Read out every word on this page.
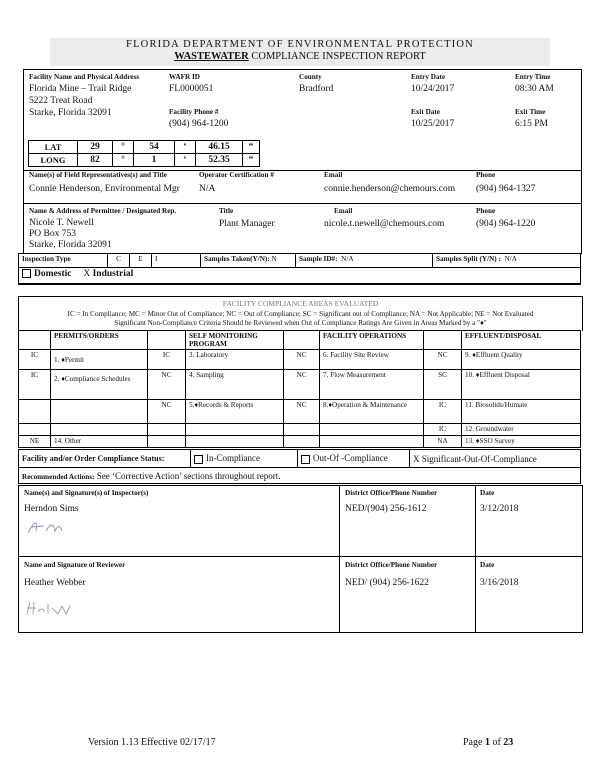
FLORIDA DEPARTMENT OF ENVIRONMENTAL PROTECTION
WASTEWATER COMPLIANCE INSPECTION REPORT
Facility Name and Physical Address
Florida Mine – Trail Ridge
5222 Treat Road
Starke, Florida 32091
WAFR ID
FL0000051
Facility Phone #
(904) 964-1200
County
Bradford
Entry Date
10/24/2017
Exit Date
10/25/2017
Entry Time
08:30 AM
Exit Time
6:15 PM
LAT	29	°	54	‘	46.15	“
LONG	82	°	1	‘	52.35	“
Name(s) of Field Representatives(s) and Title
Connie Henderson, Environmental Mgr
Operator Certification #
N/A
Email
connie.henderson@chemours.com
Phone
(904) 964-1327
Name & Address of Permittee / Designated Rep.
Nicole T. Newell
PO Box 753
Starke, Florida 32091
Title
Plant Manager
Email
nicole.t.newell@chemours.com
Phone
(904) 964-1220
Inspection Type	C	E	I	Samples Taken(Y/N): N	Sample ID#: N/A	Samples Split (Y/N) : N/A
Domestic X Industrial
FACILITY COMPLIANCE AREAS EVALUATED
IC = In Compliance; MC = Minor Out of Compliance; NC = Out of Compliance; SC = Significant out of Compliance; NA = Not Applicable; NE = Not Evaluated
Significant Non-Compliance Criteria Should be Reviewed when Out of Compliance Ratings Are Given in Areas Marked by a "♦"
	PERMITS/ORDERS		SELF MONITORING PROGRAM		FACILITY OPERATIONS		EFFLUENT/DISPOSAL
IC	1. ♦Permit	IC	3. Laboratory	NC	6. Facility Site Review	NC	9. ♦Effluent Quality
IC	2. ♦Compliance Schedules	NC	4. Sampling	NC	7. Flow Measurement	SC	10. ♦Effluent Disposal
		NC	5.♦Records & Reports	NC	8.♦Operation & Maintenance	IC	11. Biosolids/Humate
						IC	12. Groundwater
NE	14. Other					NA	13. ♦SSO Survey
Facility and/or Order Compliance Status:	In-Compliance	Out-Of -Compliance	X Significant-Out-Of-Compliance
Recommended Actions: See ‘Corrective Action’ sections throughout report.
Name(s) and Signature(s) of Inspector(s)
Herndon Sims
District Office/Phone Number
NED/(904) 256-1612
Date
3/12/2018
Name and Signature of Reviewer
Heather Webber
District Office/Phone Number
NED/ (904) 256-1622
Date
3/16/2018
Version 1.13 Effective 02/17/17	Page 1 of 23
